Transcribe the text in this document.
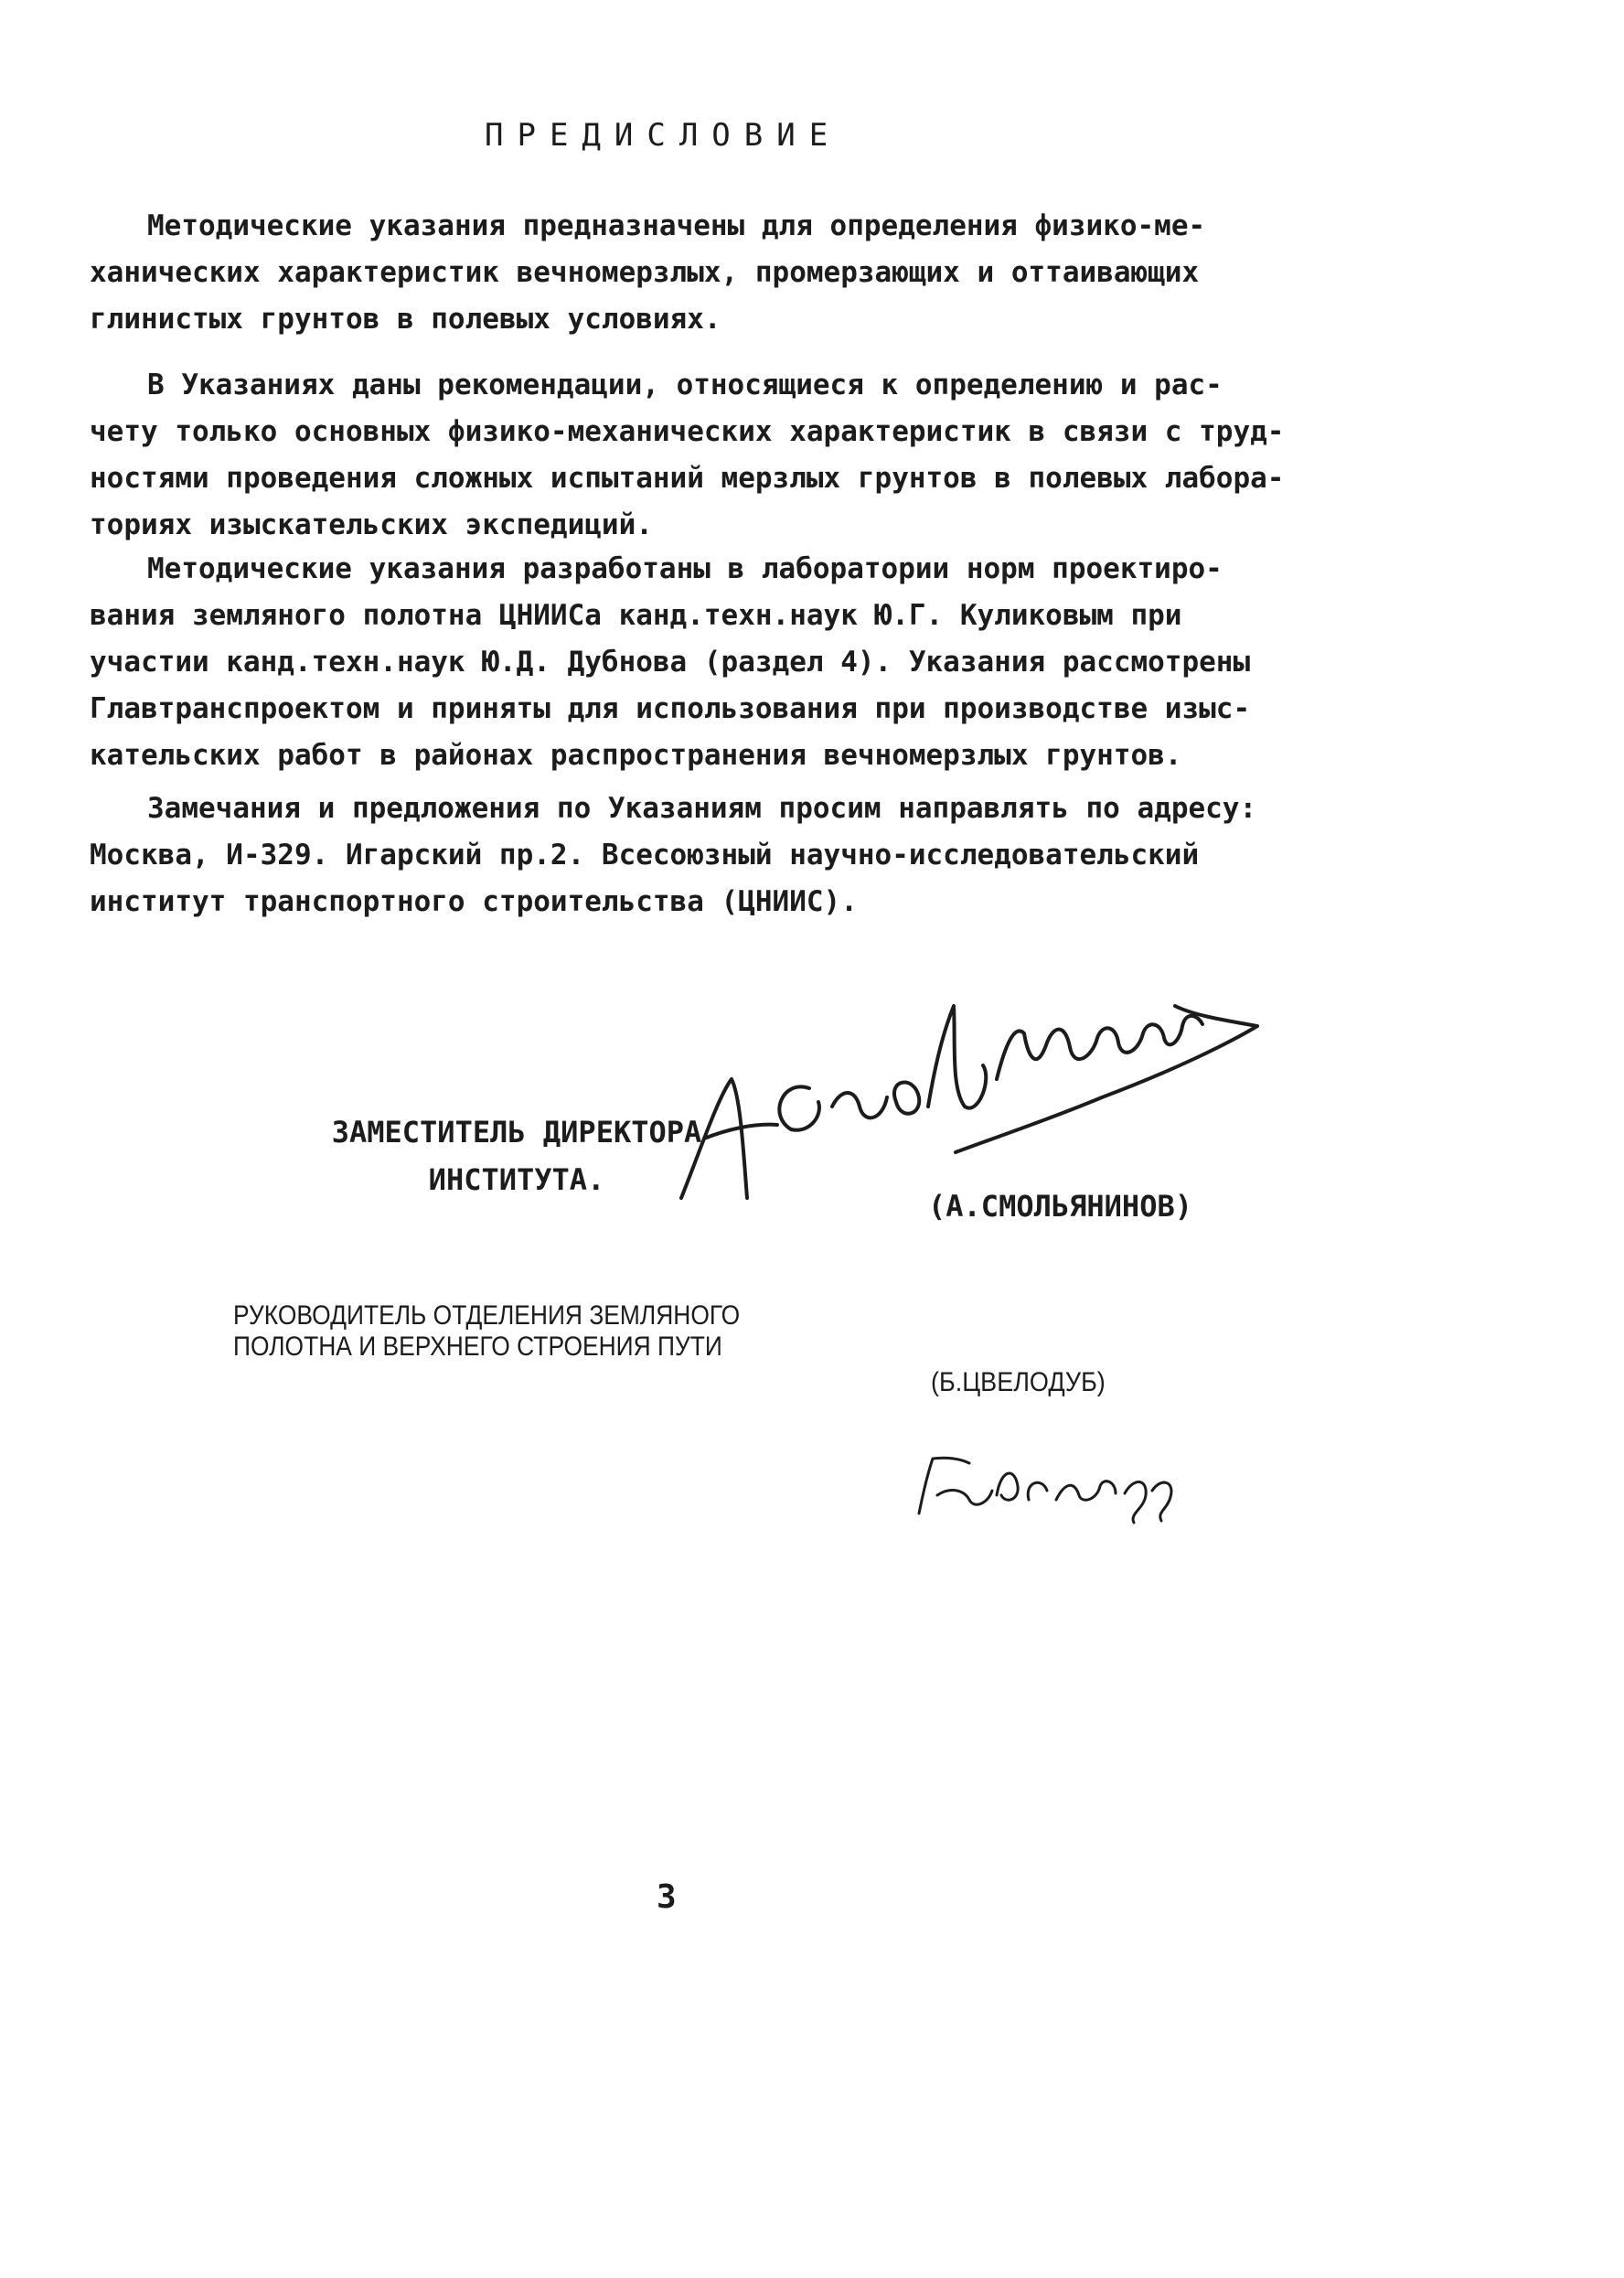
ПРЕДИСЛОВИЕ
Методические указания предназначены для определения физико-ме-
ханических характеристик вечномерзлых, промерзающих и оттаивающих
глинистых грунтов в полевых условиях.
В Указаниях даны рекомендации, относящиеся к определению и рас-
чету только основных физико-механических характеристик в связи с труд-
ностями проведения сложных испытаний мерзлых грунтов в полевых лабора-
ториях изыскательских экспедиций.
Методические указания разработаны в лаборатории норм проектиро-
вания земляного полотна ЦНИИСа канд.техн.наук Ю.Г. Куликовым при
участии канд.техн.наук Ю.Д. Дубнова (раздел 4). Указания рассмотрены
Главтранспроектом и приняты для использования при производстве изыс-
кательских работ в районах распространения вечномерзлых грунтов.
Замечания и предложения по Указаниям просим направлять по адресу:
Москва, И-329. Игарский пр.2. Всесоюзный научно-исследовательский
институт транспортного строительства (ЦНИИС).
ЗАМЕСТИТЕЛЬ ДИРЕКТОРА
ИНСТИТУТА.
(А.СМОЛЬЯНИНОВ)
РУКОВОДИТЕЛЬ ОТДЕЛЕНИЯ ЗЕМЛЯНОГО
ПОЛОТНА И ВЕРХНЕГО СТРОЕНИЯ ПУТИ
(Б.ЦВЕЛОДУБ)
3
